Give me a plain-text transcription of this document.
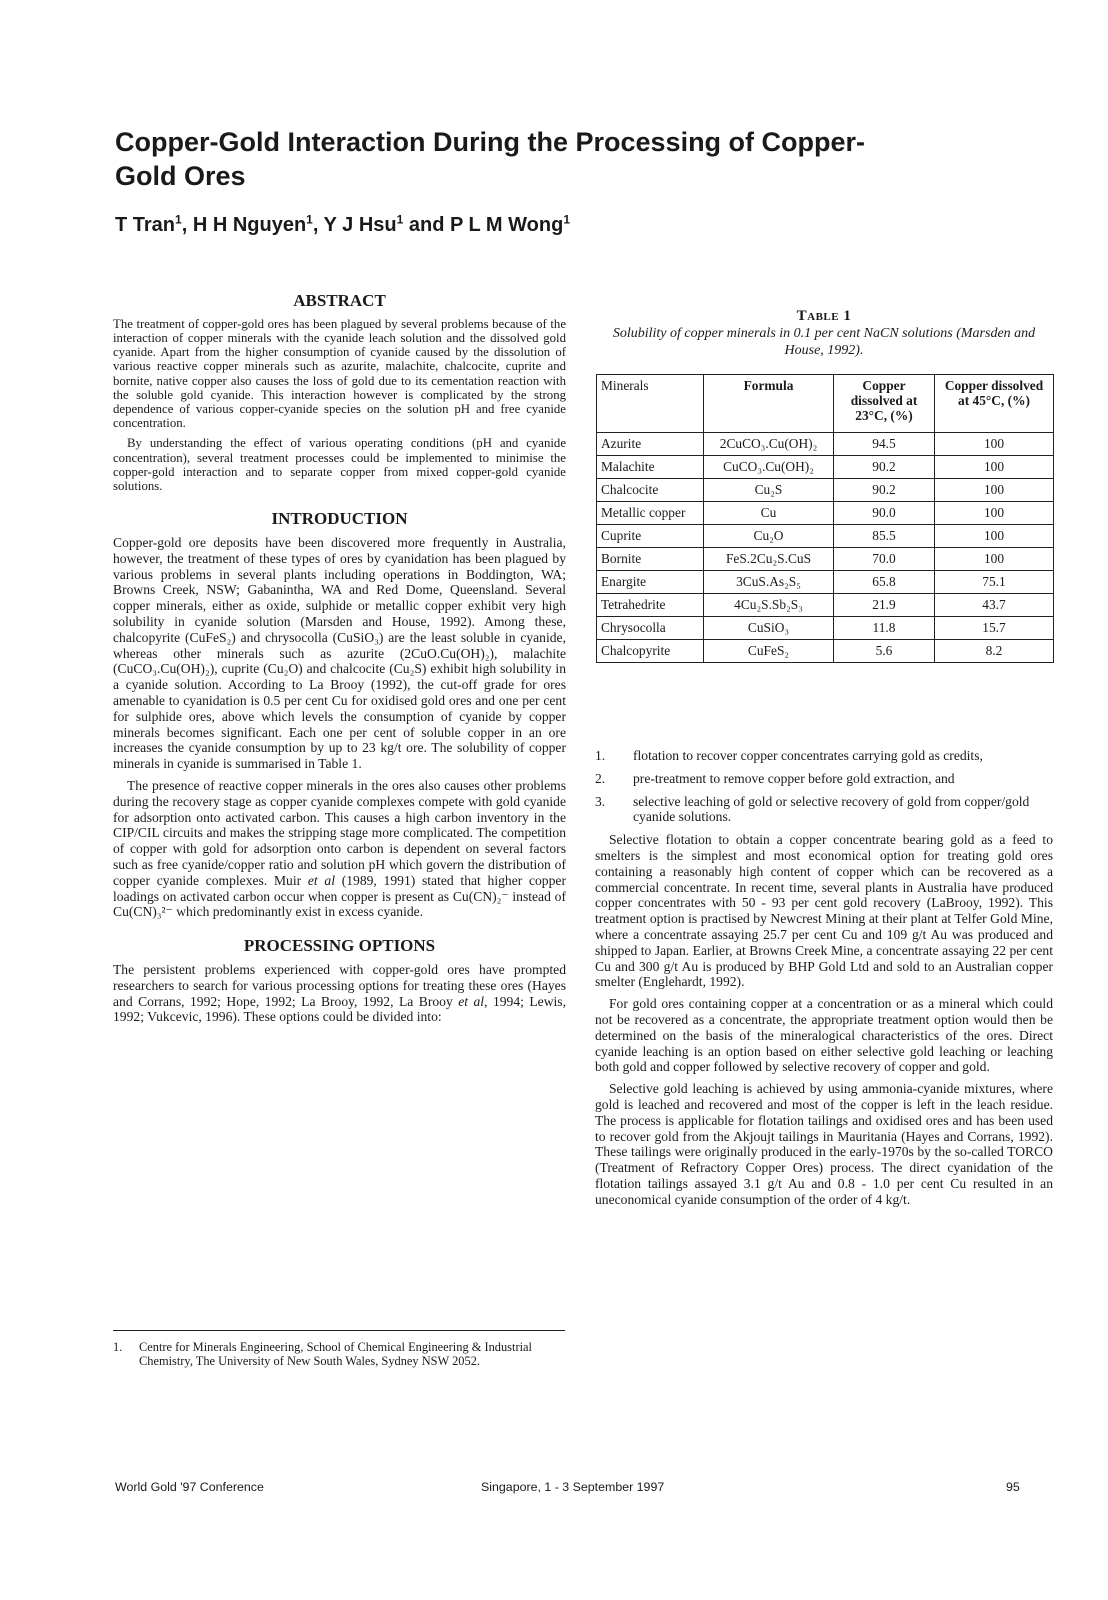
Copper-Gold Interaction During the Processing of Copper-Gold Ores
T Tran$^1$, H H Nguyen$^1$, Y J Hsu$^1$ and P L M Wong$^1$
ABSTRACT

The treatment of copper-gold ores has been plagued by several problems because of the interaction of copper minerals with the cyanide leach solution and the dissolved gold cyanide. Apart from the higher consumption of cyanide caused by the dissolution of various reactive copper minerals such as azurite, malachite, chalcocite, cuprite and bornite, native copper also causes the loss of gold due to its cementation reaction with the soluble gold cyanide. This interaction however is complicated by the strong dependence of various copper-cyanide species on the solution pH and free cyanide concentration.

By understanding the effect of various operating conditions (pH and cyanide concentration), several treatment processes could be implemented to minimise the copper-gold interaction and to separate copper from mixed copper-gold cyanide solutions.

INTRODUCTION

Copper-gold ore deposits have been discovered more frequently in Australia, however, the treatment of these types of ores by cyanidation has been plagued by various problems in several plants including operations in Boddington, WA; Browns Creek, NSW; Gabanintha, WA and Red Dome, Queensland. Several copper minerals, either as oxide, sulphide or metallic copper exhibit very high solubility in cyanide solution (Marsden and House, 1992). Among these, chalcopyrite (CuFeS₂) and chrysocolla (CuSiO₃) are the least soluble in cyanide, whereas other minerals such as azurite (2CuO.Cu(OH)₂), malachite (CuCO₃.Cu(OH)₂), cuprite (Cu₂O) and chalcocite (Cu₂S) exhibit high solubility in a cyanide solution. According to La Brooy (1992), the cut-off grade for ores amenable to cyanidation is 0.5 per cent Cu for oxidised gold ores and one per cent for sulphide ores, above which levels the consumption of cyanide by copper minerals becomes significant. Each one per cent of soluble copper in an ore increases the cyanide consumption by up to 23 kg/t ore. The solubility of copper minerals in cyanide is summarised in Table 1.

The presence of reactive copper minerals in the ores also causes other problems during the recovery stage as copper cyanide complexes compete with gold cyanide for adsorption onto activated carbon. This causes a high carbon inventory in the CIP/CIL circuits and makes the stripping stage more complicated. The competition of copper with gold for adsorption onto carbon is dependent on several factors such as free cyanide/copper ratio and solution pH which govern the distribution of copper cyanide complexes. Muir et al (1989, 1991) stated that higher copper loadings on activated carbon occur when copper is present as Cu(CN)₂⁻ instead of Cu(CN)₃²⁻ which predominantly exist in excess cyanide.

PROCESSING OPTIONS

The persistent problems experienced with copper-gold ores have prompted researchers to search for various processing options for treating these ores (Hayes and Corrans, 1992; Hope, 1992; La Brooy, 1992, La Brooy et al, 1994; Lewis, 1992; Vukcevic, 1996). These options could be divided into:

1.	Centre for Minerals Engineering, School of Chemical Engineering & Industrial Chemistry, The University of New South Wales, Sydney NSW 2052.
Table 1
Solubility of copper minerals in 0.1 per cent NaCN solutions (Marsden and House, 1992).
Minerals	Formula	Copper dissolved at 23°C, (%)	Copper dissolved at 45°C, (%)
Azurite	2CuCO₃.Cu(OH)₂	94.5	100
Malachite	CuCO₃.Cu(OH)₂	90.2	100
Chalcocite	Cu₂S	90.2	100
Metallic copper	Cu	90.0	100
Cuprite	Cu₂O	85.5	100
Bornite	FeS.2Cu₂S.CuS	70.0	100
Enargite	3CuS.As₂S₅	65.8	75.1
Tetrahedrite	4Cu₂S.Sb₂S₃	21.9	43.7
Chrysocolla	CuSiO₃	11.8	15.7
Chalcopyrite	CuFeS₂	5.6	8.2
1.	flotation to recover copper concentrates carrying gold as credits,
2.	pre-treatment to remove copper before gold extraction, and
3.	selective leaching of gold or selective recovery of gold from copper/gold cyanide solutions.

Selective flotation to obtain a copper concentrate bearing gold as a feed to smelters is the simplest and most economical option for treating gold ores containing a reasonably high content of copper which can be recovered as a commercial concentrate. In recent time, several plants in Australia have produced copper concentrates with 50 - 93 per cent gold recovery (LaBrooy, 1992). This treatment option is practised by Newcrest Mining at their plant at Telfer Gold Mine, where a concentrate assaying 25.7 per cent Cu and 109 g/t Au was produced and shipped to Japan. Earlier, at Browns Creek Mine, a concentrate assaying 22 per cent Cu and 300 g/t Au is produced by BHP Gold Ltd and sold to an Australian copper smelter (Englehardt, 1992).

For gold ores containing copper at a concentration or as a mineral which could not be recovered as a concentrate, the appropriate treatment option would then be determined on the basis of the mineralogical characteristics of the ores. Direct cyanide leaching is an option based on either selective gold leaching or leaching both gold and copper followed by selective recovery of copper and gold.

Selective gold leaching is achieved by using ammonia-cyanide mixtures, where gold is leached and recovered and most of the copper is left in the leach residue. The process is applicable for flotation tailings and oxidised ores and has been used to recover gold from the Akjoujt tailings in Mauritania (Hayes and Corrans, 1992). These tailings were originally produced in the early-1970s by the so-called TORCO (Treatment of Refractory Copper Ores) process. The direct cyanidation of the flotation tailings assayed 3.1 g/t Au and 0.8 - 1.0 per cent Cu resulted in an uneconomical cyanide consumption of the order of 4 kg/t.

World Gold '97 Conference	Singapore, 1 - 3 September 1997	95
